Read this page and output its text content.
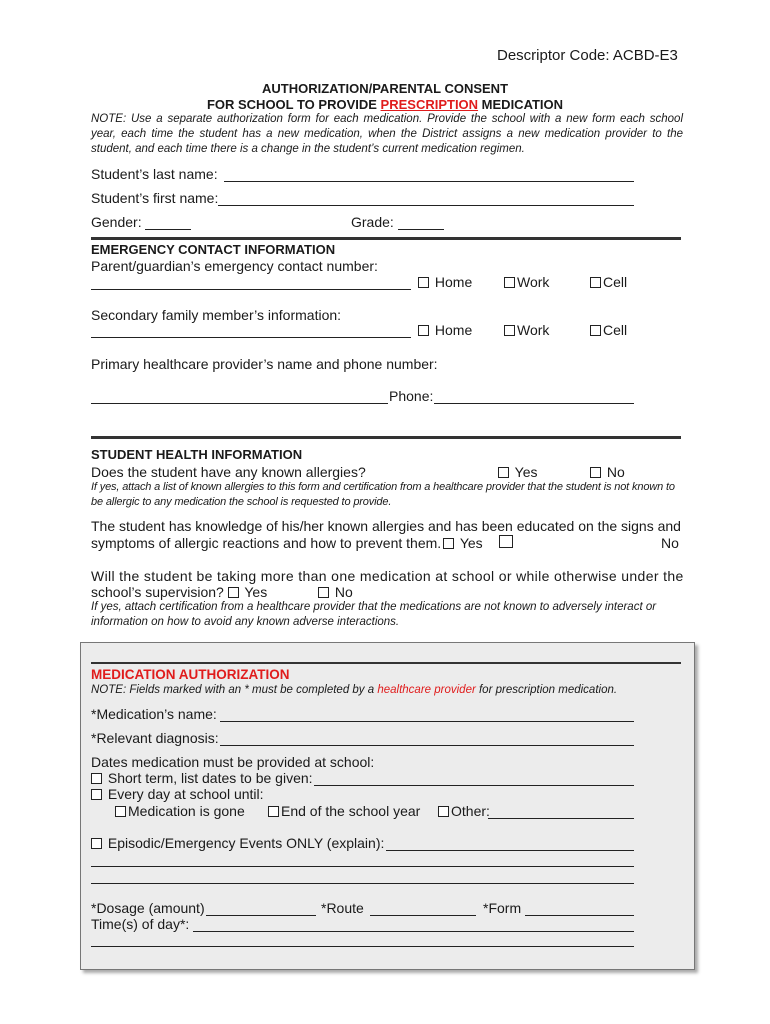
Descriptor Code: ACBD-E3
AUTHORIZATION/PARENTAL CONSENT
FOR SCHOOL TO PROVIDE PRESCRIPTION MEDICATION
NOTE: Use a separate authorization form for each medication. Provide the school with a new form each school year, each time the student has a new medication, when the District assigns a new medication provider to the student, and each time there is a change in the student’s current medication regimen.
Student’s last name:
Student’s first name:
Gender:	Grade:
EMERGENCY CONTACT INFORMATION
Parent/guardian’s emergency contact number:
Home	Work	Cell
Secondary family member’s information:
Home	Work	Cell
Primary healthcare provider’s name and phone number:
Phone:
STUDENT HEALTH INFORMATION
Does the student have any known allergies?	Yes	No
If yes, attach a list of known allergies to this form and certification from a healthcare provider that the student is not known to be allergic to any medication the school is requested to provide.
The student has knowledge of his/her known allergies and has been educated on the signs and
symptoms of allergic reactions and how to prevent them. Yes	No
Will the student be taking more than one medication at school or while otherwise under the
school’s supervision? Yes	No
If yes, attach certification from a healthcare provider that the medications are not known to adversely interact or information on how to avoid any known adverse interactions.
MEDICATION AUTHORIZATION
NOTE: Fields marked with an * must be completed by a healthcare provider for prescription medication.
*Medication’s name:
*Relevant diagnosis:
Dates medication must be provided at school:
Short term, list dates to be given:
Every day at school until:
Medication is gone	End of the school year	Other:
Episodic/Emergency Events ONLY (explain):
*Dosage (amount)	*Route	*Form
Time(s) of day*:
